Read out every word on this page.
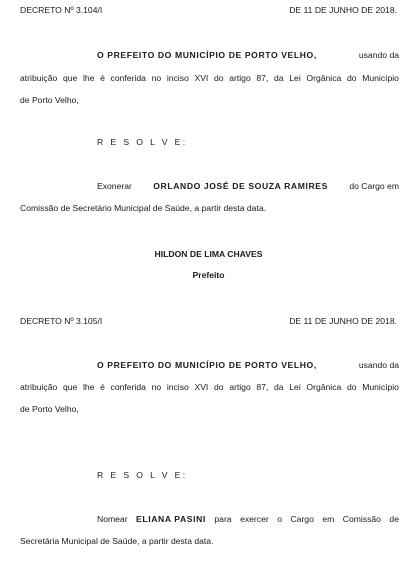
DECRETO Nº 3.104/I	DE 11 DE JUNHO DE 2018.
O PREFEITO DO MUNICÍPIO DE PORTO VELHO,	usando da
atribuição que lhe é conferida no inciso XVI do artigo 87, da Lei Orgânica do Município
de Porto Velho,
R E S O L V E:
Exonerar ORLANDO JOSÉ DE SOUZA RAMIRES do Cargo em
Comissão de Secretário Municipal de Saúde, a partir desta data.
HILDON DE LIMA CHAVES
Prefeito
DECRETO Nº 3.105/I	DE 11 DE JUNHO DE 2018.
O PREFEITO DO MUNICÍPIO DE PORTO VELHO,	usando da
atribuição que lhe é conferida no inciso XVI do artigo 87, da Lei Orgânica do Município
de Porto Velho,
R E S O L V E:
Nomear ELIANA PASINI para exercer o Cargo em Comissão de
Secretária Municipal de Saúde, a partir desta data.
